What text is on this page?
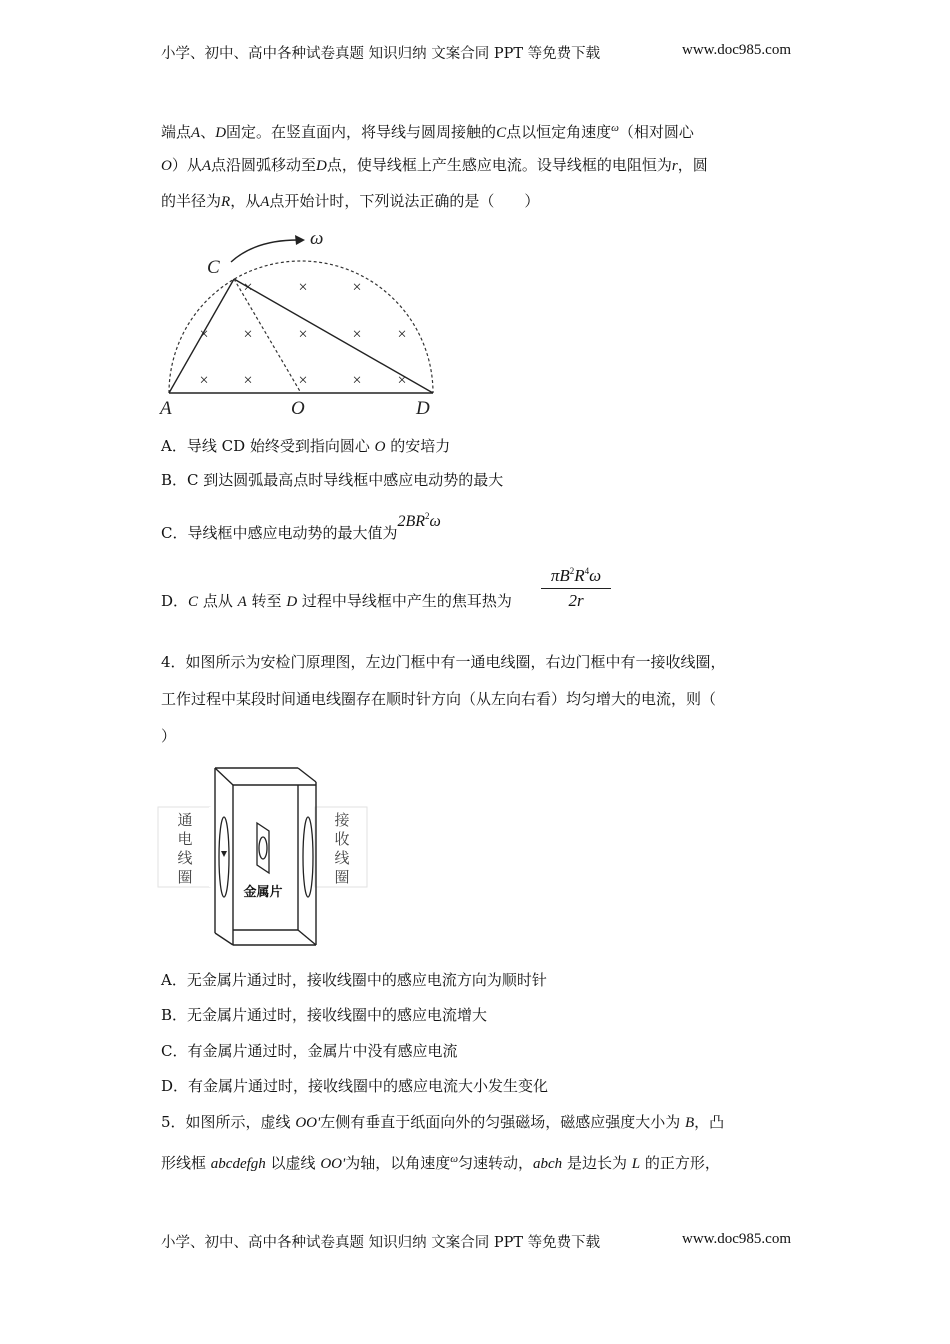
小学、初中、高中各种试卷真题 知识归纳 文案合同 PPT 等免费下载	www.doc985.com
端点A、D固定。在竖直面内，将导线与圆周接触的C点以恒定角速度$^\omega$（相对圆心
O）从A点沿圆弧移动至D点，使导线框上产生感应电流。设导线框的电阻恒为r，圆
的半径为R，从A点开始计时，下列说法正确的是（　　）
×	×	×
× ×	×	× ×
× ×	×	× ×
C
ω
A	O	D
A．导线 CD 始终受到指向圆心 O 的安培力
B．C 到达圆弧最高点时导线框中感应电动势的最大
C．导线框中感应电动势的最大值为$2BR^2\omega$
D．C 点从 A 转至 D 过程中导线框中产生的焦耳热为	$\frac{\pi B^2R^4\omega}{2r}$
4．如图所示为安检门原理图，左边门框中有一通电线圈，右边门框中有一接收线圈，
工作过程中某段时间通电线圈存在顺时针方向（从左向右看）均匀增大的电流，则（
）
通
电
线
圈
接
收
线
圈
金属片
A．无金属片通过时，接收线圈中的感应电流方向为顺时针
B．无金属片通过时，接收线圈中的感应电流增大
C．有金属片通过时，金属片中没有感应电流
D．有金属片通过时，接收线圈中的感应电流大小发生变化
5．如图所示，虚线 OO'左侧有垂直于纸面向外的匀强磁场，磁感应强度大小为 B，凸
形线框 abcdefgh 以虚线 OO'为轴，以角速度$^\omega$匀速转动，abch 是边长为 L 的正方形，
小学、初中、高中各种试卷真题 知识归纳 文案合同 PPT 等免费下载	www.doc985.com
